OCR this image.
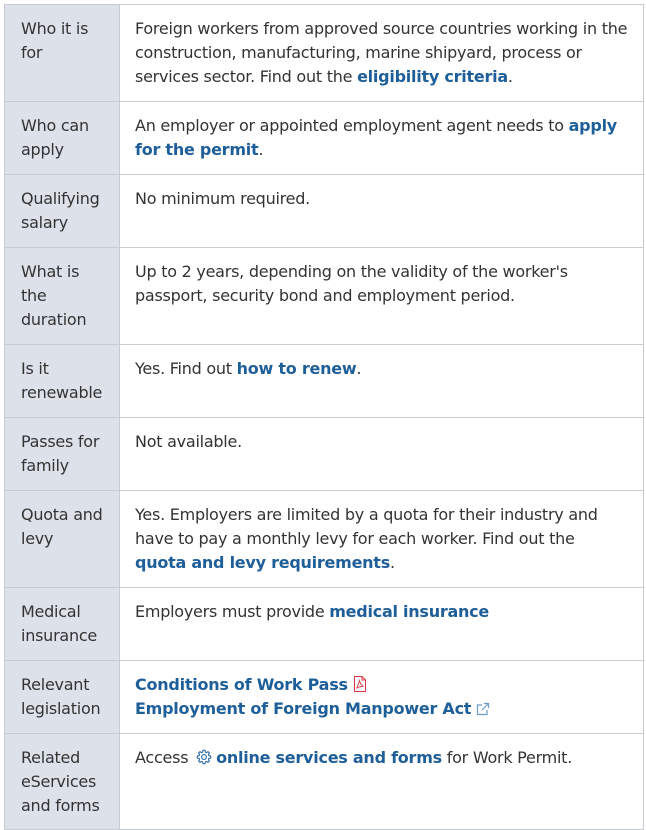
Who it is for	Foreign workers from approved source countries working in the construction, manufacturing, marine shipyard, process or services sector. Find out the eligibility criteria.
Who can apply	An employer or appointed employment agent needs to apply for the permit.
Qualifying salary	No minimum required.
What is the duration	Up to 2 years, depending on the validity of the worker's passport, security bond and employment period.
Is it renewable	Yes. Find out how to renew.
Passes for family	Not available.
Quota and levy	Yes. Employers are limited by a quota for their industry and have to pay a monthly levy for each worker. Find out the quota and levy requirements.
Medical insurance	Employers must provide medical insurance
Relevant legislation	Conditions of Work Pass
Employment of Foreign Manpower Act

Related eServices and forms	Access
online services and forms for Work Permit.
